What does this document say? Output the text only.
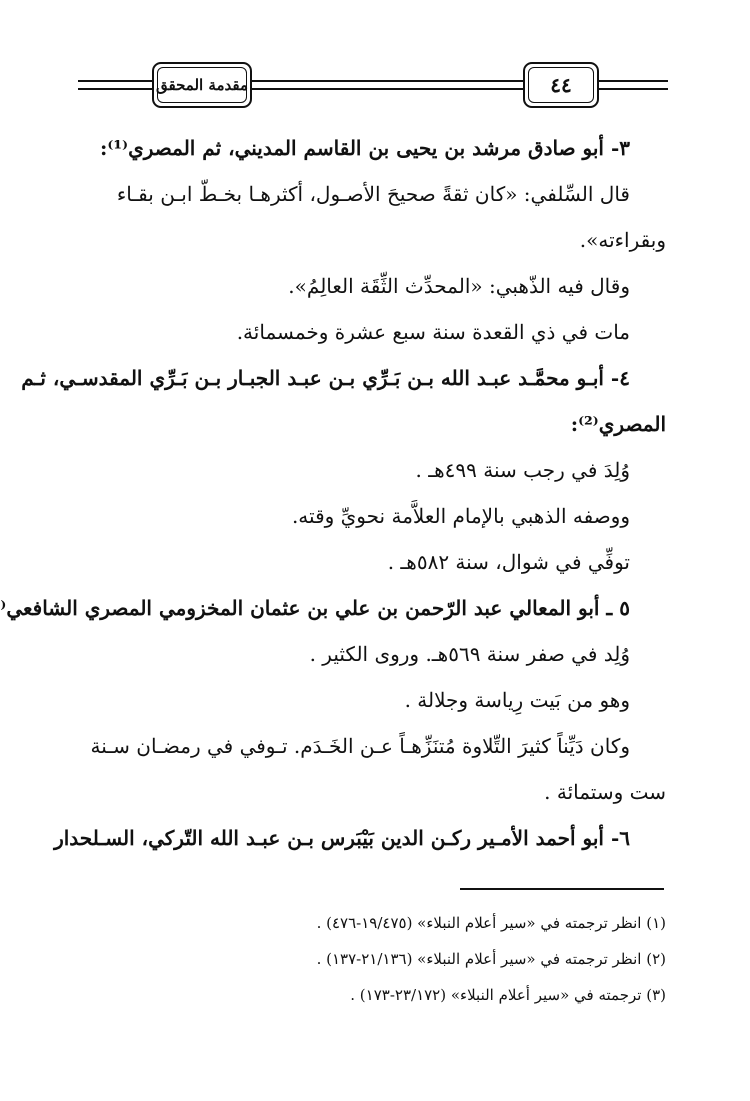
مقدمة المحقق	٤٤
٣- أبو صادق مرشد بن يحيى بن القاسم المديني، ثم المصري⁽¹⁾:
قال السِّلفي: «كان ثقةً صحيحَ الأصـول، أكثرهـا بخـطّ ابـن بقـاء
وبقراءته».
وقال فيه الذّهبي: «المحدِّث الثِّقَة العالِمُ».
مات في ذي القعدة سنة سبع عشرة وخمسمائة.
٤- أبـو محمَّـد عبـد الله بـن بَـرِّي بـن عبـد الجبـار بـن بَـرِّي المقدسـي، ثـم
المصري⁽²⁾:
وُلِدَ في رجب سنة ٤٩٩هـ .
ووصفه الذهبي بالإمام العلاَّمة نحويِّ وقته.
توفِّي في شوال، سنة ٥٨٢هـ .
٥ ـ أبو المعالي عبد الرّحمن بن علي بن عثمان المخزومي المصري الشافعي⁽
وُلِد في صفر سنة ٥٦٩هـ. وروى الكثير .
وهو من بَيت رِياسة وجلالة .
وكان دَيِّناً كثيرَ التِّلاوة مُتنَزِّهـاً عـن الخَـدَم. تـوفي في رمضـان سـنة
ست وستمائة .
٦- أبو أحمد الأمـير ركـن الدين بَيْبَرس بـن عبـد الله التّركي، السـلحدار
(١) انظر ترجمته في «سير أعلام النبلاء» (١٩/٤٧٥-٤٧٦) .
(٢) انظر ترجمته في «سير أعلام النبلاء» (٢١/١٣٦-١٣٧) .
(٣) ترجمته في «سير أعلام النبلاء» (٢٣/١٧٢-١٧٣) .
